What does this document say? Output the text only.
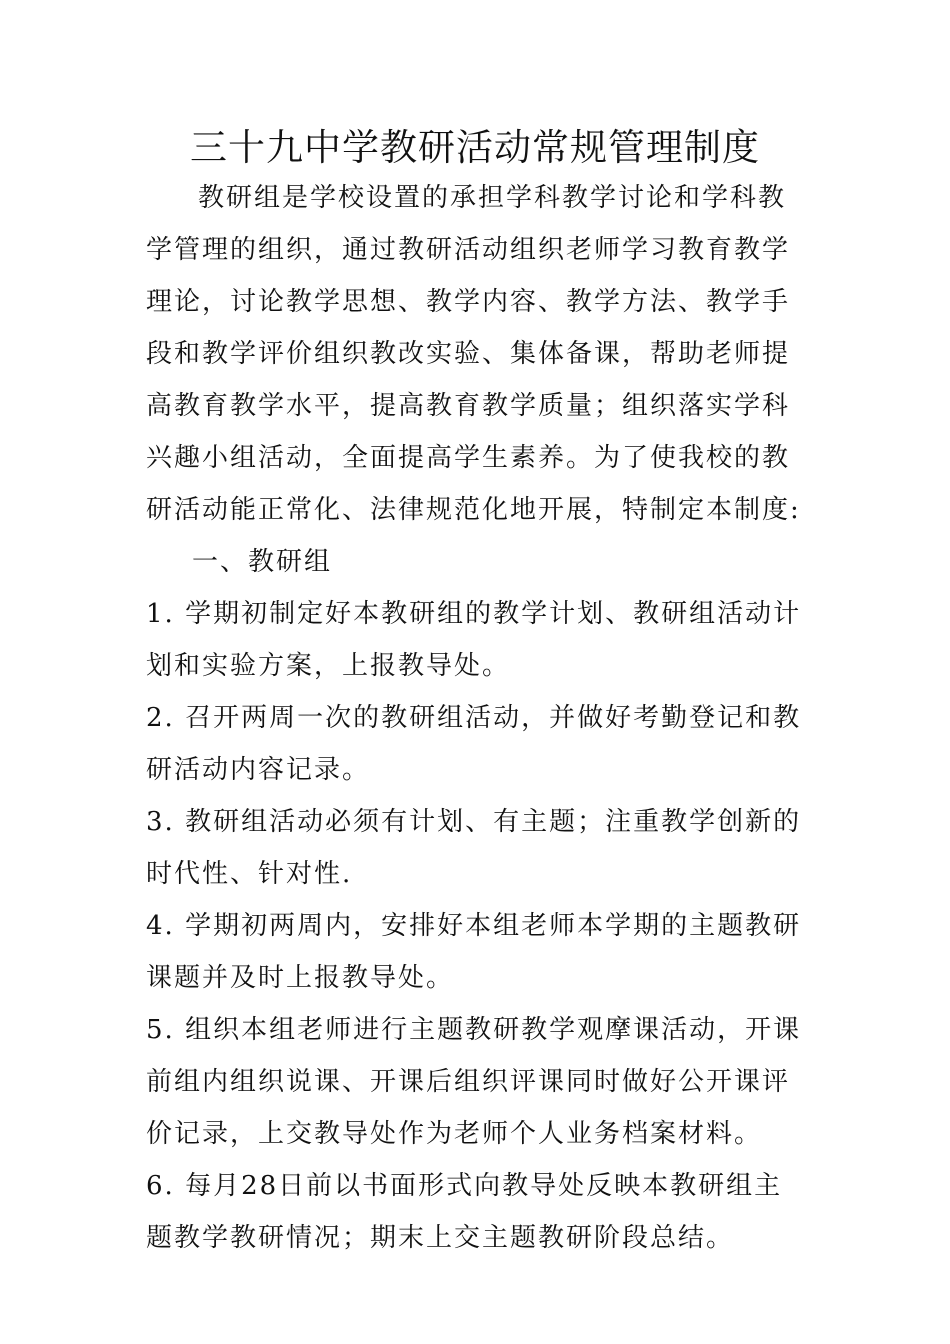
三十九中学教研活动常规管理制度

教研组是学校设置的承担学科教学讨论和学科教学管理的组织，通过教研活动组织老师学习教育教学理论，讨论教学思想、教学内容、教学方法、教学手段和教学评价组织教改实验、集体备课，帮助老师提高教育教学水平，提高教育教学质量；组织落实学科兴趣小组活动，全面提高学生素养。为了使我校的教研活动能正常化、法律规范化地开展，特制定本制度:

一、教研组

1. 学期初制定好本教研组的教学计划、教研组活动计划和实验方案，上报教导处。

2. 召开两周一次的教研组活动，并做好考勤登记和教研活动内容记录。

3. 教研组活动必须有计划、有主题；注重教学创新的时代性、针对性.

4. 学期初两周内，安排好本组老师本学期的主题教研课题并及时上报教导处。

5. 组织本组老师进行主题教研教学观摩课活动，开课前组内组织说课、开课后组织评课同时做好公开课评价记录，上交教导处作为老师个人业务档案材料。

6. 每月28日前以书面形式向教导处反映本教研组主题教学教研情况；期末上交主题教研阶段总结。
